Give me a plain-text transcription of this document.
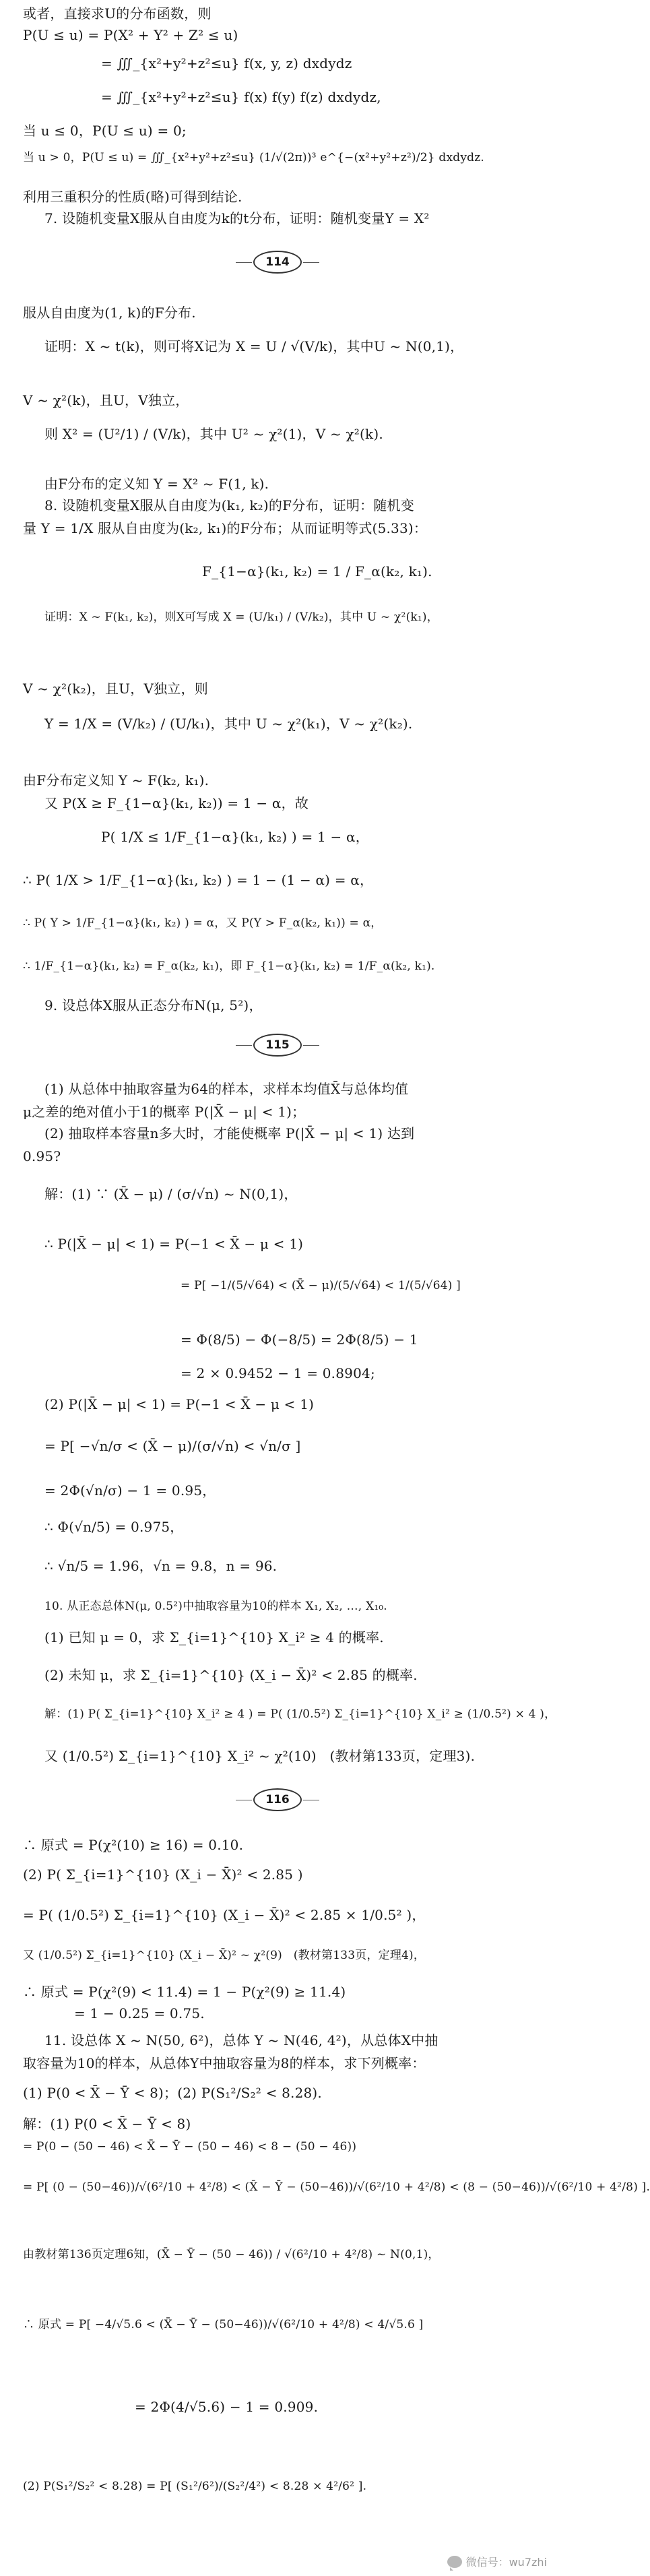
或者，直接求U的分布函数，则
P(U ≤ u) = P(X² + Y² + Z² ≤ u)
= ∭_{x²+y²+z²≤u} f(x, y, z) dxdydz
= ∭_{x²+y²+z²≤u} f(x) f(y) f(z) dxdydz,
当 u ≤ 0，P(U ≤ u) = 0;
当 u > 0，P(U ≤ u) = ∭_{x²+y²+z²≤u} (1/√(2π))³ e^{−(x²+y²+z²)/2} dxdydz.
利用三重积分的性质(略)可得到结论.
7. 设随机变量X服从自由度为k的t分布，证明：随机变量Y = X²
114
服从自由度为(1, k)的F分布.
证明：X ~ t(k)，则可将X记为 X = U / √(V/k)，其中U ~ N(0,1)，
V ~ χ²(k)，且U，V独立，
则 X² = (U²/1) / (V/k)，其中 U² ~ χ²(1)，V ~ χ²(k).
由F分布的定义知 Y = X² ~ F(1, k).
8. 设随机变量X服从自由度为(k₁, k₂)的F分布，证明：随机变
量 Y = 1/X 服从自由度为(k₂, k₁)的F分布；从而证明等式(5.33)：
F_{1−α}(k₁, k₂) = 1 / F_α(k₂, k₁).
证明：X ~ F(k₁, k₂)，则X可写成 X = (U/k₁) / (V/k₂)，其中 U ~ χ²(k₁)，
V ~ χ²(k₂)，且U，V独立，则
Y = 1/X = (V/k₂) / (U/k₁)，其中 U ~ χ²(k₁)，V ~ χ²(k₂).
由F分布定义知 Y ~ F(k₂, k₁).
又 P(X ≥ F_{1−α}(k₁, k₂)) = 1 − α，故
P( 1/X ≤ 1/F_{1−α}(k₁, k₂) ) = 1 − α，
∴ P( 1/X > 1/F_{1−α}(k₁, k₂) ) = 1 − (1 − α) = α，
∴ P( Y > 1/F_{1−α}(k₁, k₂) ) = α，又 P(Y > F_α(k₂, k₁)) = α，
∴ 1/F_{1−α}(k₁, k₂) = F_α(k₂, k₁)，即 F_{1−α}(k₁, k₂) = 1/F_α(k₂, k₁).
9. 设总体X服从正态分布N(μ, 5²)，
115
(1) 从总体中抽取容量为64的样本，求样本均值X̄与总体均值
μ之差的绝对值小于1的概率 P(|X̄ − μ| < 1)；
(2) 抽取样本容量n多大时，才能使概率 P(|X̄ − μ| < 1) 达到
0.95?
解：(1) ∵ (X̄ − μ) / (σ/√n) ~ N(0,1)，
∴ P(|X̄ − μ| < 1) = P(−1 < X̄ − μ < 1)
= P[ −1/(5/√64) < (X̄ − μ)/(5/√64) < 1/(5/√64) ]
= Φ(8/5) − Φ(−8/5) = 2Φ(8/5) − 1
= 2 × 0.9452 − 1 = 0.8904;
(2) P(|X̄ − μ| < 1) = P(−1 < X̄ − μ < 1)
= P[ −√n/σ < (X̄ − μ)/(σ/√n) < √n/σ ]
= 2Φ(√n/σ) − 1 = 0.95，
∴ Φ(√n/5) = 0.975，
∴ √n/5 = 1.96，√n = 9.8，n = 96.
10. 从正态总体N(μ, 0.5²)中抽取容量为10的样本 X₁, X₂, …, X₁₀.
(1) 已知 μ = 0，求 Σ_{i=1}^{10} X_i² ≥ 4 的概率.
(2) 未知 μ，求 Σ_{i=1}^{10} (X_i − X̄)² < 2.85 的概率.
解：(1) P( Σ_{i=1}^{10} X_i² ≥ 4 ) = P( (1/0.5²) Σ_{i=1}^{10} X_i² ≥ (1/0.5²) × 4 )，
又 (1/0.5²) Σ_{i=1}^{10} X_i² ~ χ²(10)   (教材第133页，定理3).
116
∴ 原式 = P(χ²(10) ≥ 16) = 0.10.
(2) P( Σ_{i=1}^{10} (X_i − X̄)² < 2.85 )
= P( (1/0.5²) Σ_{i=1}^{10} (X_i − X̄)² < 2.85 × 1/0.5² )，
又 (1/0.5²) Σ_{i=1}^{10} (X_i − X̄)² ~ χ²(9)   (教材第133页，定理4)，
∴ 原式 = P(χ²(9) < 11.4) = 1 − P(χ²(9) ≥ 11.4)
= 1 − 0.25 = 0.75.
11. 设总体 X ~ N(50, 6²)，总体 Y ~ N(46, 4²)，从总体X中抽
取容量为10的样本，从总体Y中抽取容量为8的样本，求下列概率：
(1) P(0 < X̄ − Ȳ < 8)；(2) P(S₁²/S₂² < 8.28).
解：(1) P(0 < X̄ − Ȳ < 8)
= P(0 − (50 − 46) < X̄ − Ȳ − (50 − 46) < 8 − (50 − 46))
= P[ (0 − (50−46))/√(6²/10 + 4²/8) < (X̄ − Ȳ − (50−46))/√(6²/10 + 4²/8) < (8 − (50−46))/√(6²/10 + 4²/8) ].
由教材第136页定理6知，(X̄ − Ȳ − (50 − 46)) / √(6²/10 + 4²/8) ~ N(0,1)，
∴ 原式 = P[ −4/√5.6 < (X̄ − Ȳ − (50−46))/√(6²/10 + 4²/8) < 4/√5.6 ]
= 2Φ(4/√5.6) − 1 = 0.909.
(2) P(S₁²/S₂² < 8.28) = P[ (S₁²/6²)/(S₂²/4²) < 8.28 × 4²/6² ].
微信号：wu7zhi
